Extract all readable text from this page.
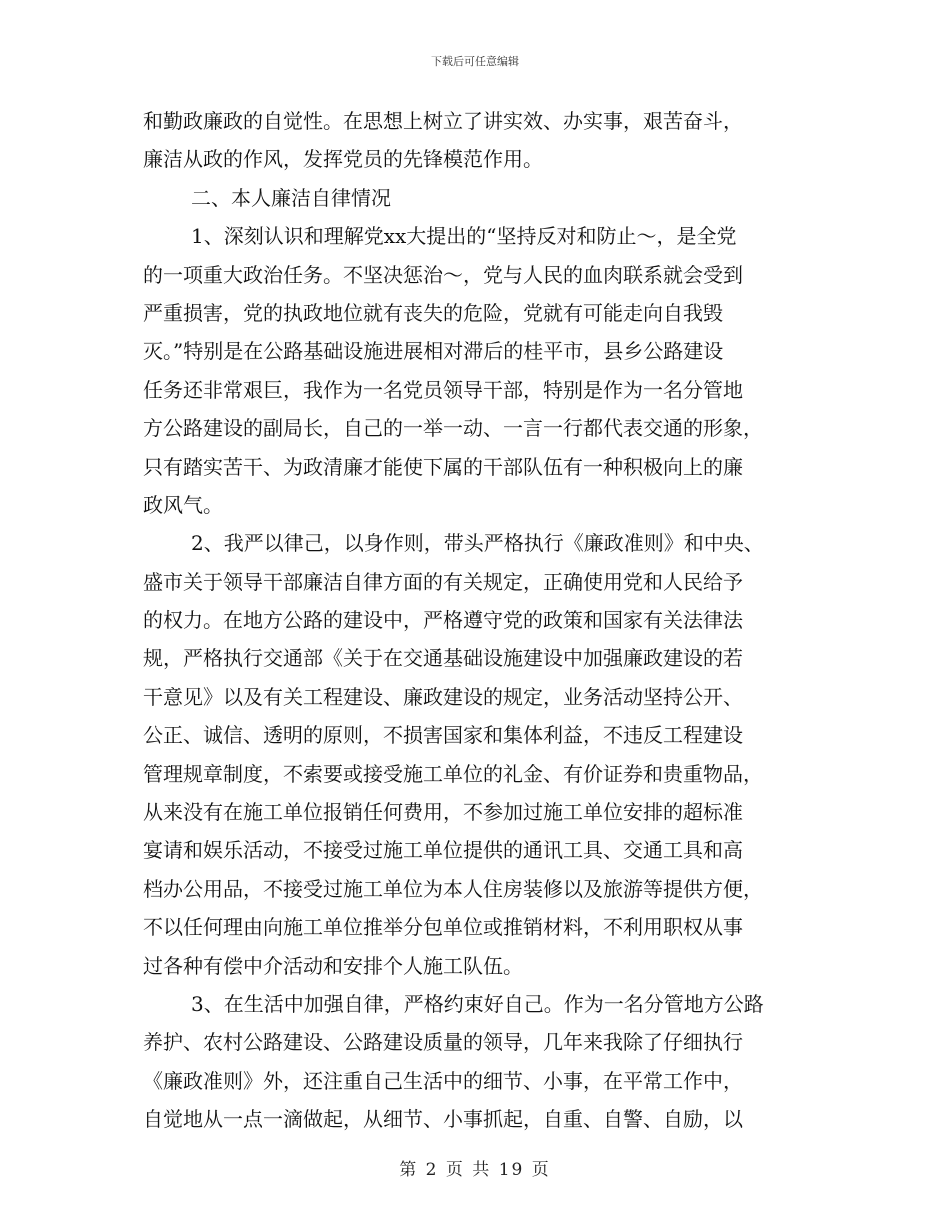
下载后可任意编辑
和勤政廉政的自觉性。在思想上树立了讲实效、办实事，艰苦奋斗，
廉洁从政的作风，发挥党员的先锋模范作用。
二、本人廉洁自律情况
1、深刻认识和理解党xx大提出的“坚持反对和防止～，是全党
的一项重大政治任务。不坚决惩治～，党与人民的血肉联系就会受到
严重损害，党的执政地位就有丧失的危险，党就有可能走向自我毁
灭。”特别是在公路基础设施进展相对滞后的桂平市，县乡公路建设
任务还非常艰巨，我作为一名党员领导干部，特别是作为一名分管地
方公路建设的副局长，自己的一举一动、一言一行都代表交通的形象，
只有踏实苦干、为政清廉才能使下属的干部队伍有一种积极向上的廉
政风气。
2、我严以律己，以身作则，带头严格执行《廉政准则》和中央、
盛市关于领导干部廉洁自律方面的有关规定，正确使用党和人民给予
的权力。在地方公路的建设中，严格遵守党的政策和国家有关法律法
规，严格执行交通部《关于在交通基础设施建设中加强廉政建设的若
干意见》以及有关工程建设、廉政建设的规定，业务活动坚持公开、
公正、诚信、透明的原则，不损害国家和集体利益，不违反工程建设
管理规章制度，不索要或接受施工单位的礼金、有价证券和贵重物品，
从来没有在施工单位报销任何费用，不参加过施工单位安排的超标准
宴请和娱乐活动，不接受过施工单位提供的通讯工具、交通工具和高
档办公用品，不接受过施工单位为本人住房装修以及旅游等提供方便，
不以任何理由向施工单位推举分包单位或推销材料，不利用职权从事
过各种有偿中介活动和安排个人施工队伍。
3、在生活中加强自律，严格约束好自己。作为一名分管地方公路
养护、农村公路建设、公路建设质量的领导，几年来我除了仔细执行
《廉政准则》外，还注重自己生活中的细节、小事，在平常工作中，
自觉地从一点一滴做起，从细节、小事抓起，自重、自警、自励，以
第 2 页 共 19 页
